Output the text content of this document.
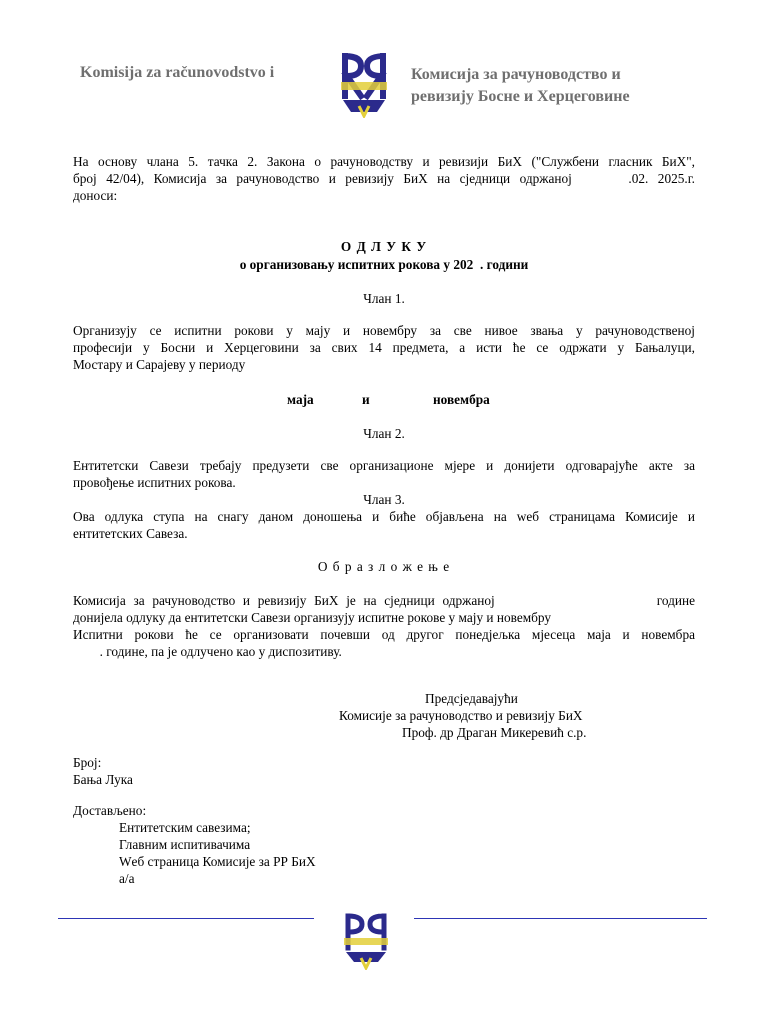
Komisija za računovodstvo i	Комисија за рачуноводство и
ревизију Босне и Херцеговине
На основу члана 5. тачка 2. Закона о рачуноводству и ревизији БиХ ("Службени гласник БиХ",
број 42/04), Комисија за рачуноводство и ревизију БиХ на сједници одржаној      .02. 2025.г.
доноси:
О Д Л У К У
о организовању испитних рокова у 202  . години
Члан 1.
Организују се испитни рокови у мају и новембру за све нивое звања у рачуноводственој
професији у Босни и Херцеговини за свих 14 предмета, а исти ће се одржати у Бањалуци,
Мостару и Сарајеву у периоду
маја	и	новембра
Члан 2.
Ентитетски Савези требају предузети све организационе мјере и донијети одговарајуће акте за
провођење испитних рокова.
Члан 3.
Ова одлука ступа на снагу даном доношења и биће објављена на wеб страницама Комисије и
ентитетских Савеза.
О б р а з л о ж е њ е
Комисија за рачуноводство и ревизију БиХ је на сједници одржаној                     године
донијела одлуку да ентитетски Савези организују испитне рокове у мају и новембру
Испитни рокови ће се организовати почевши од другог понедјељка мјесеца маја и новембра
. године, па је одлучено као у диспозитиву.
Предсједавајући
Комисије за рачуноводство и ревизију БиХ
Проф. др Драган Микеревић с.р.
Број:
Бања Лука
Достављено:
Ентитетским савезима;
Главним испитивачима
Wеб страница Комисије за РР БиХ
а/а
